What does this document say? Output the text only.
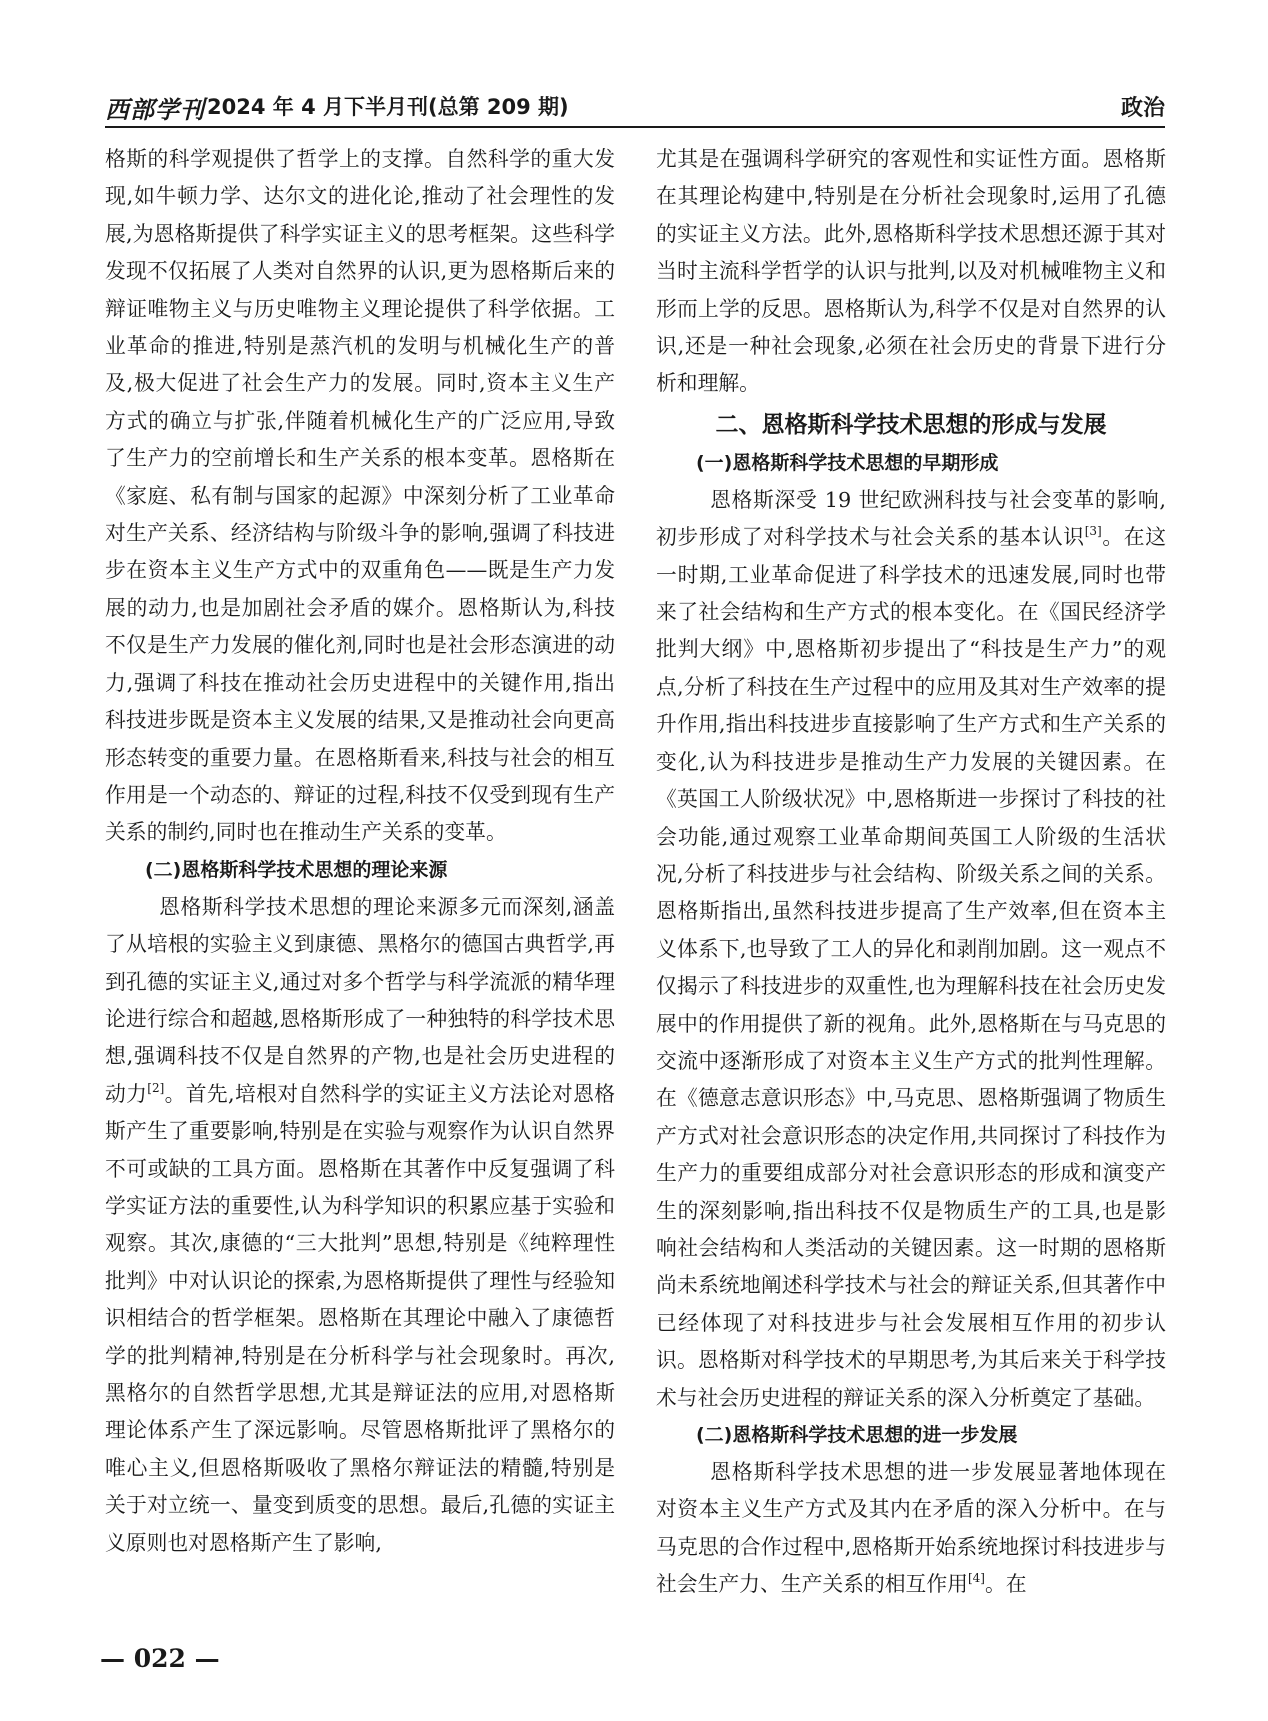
西部学刊 2024 年 4 月下半月刊(总第 209 期)	政治

格斯的科学观提供了哲学上的支撑。自然科学的重大发现,如牛顿力学、达尔文的进化论,推动了社会理性的发展,为恩格斯提供了科学实证主义的思考框架。这些科学发现不仅拓展了人类对自然界的认识,更为恩格斯后来的辩证唯物主义与历史唯物主义理论提供了科学依据。工业革命的推进,特别是蒸汽机的发明与机械化生产的普及,极大促进了社会生产力的发展。同时,资本主义生产方式的确立与扩张,伴随着机械化生产的广泛应用,导致了生产力的空前增长和生产关系的根本变革。恩格斯在《家庭、私有制与国家的起源》中深刻分析了工业革命对生产关系、经济结构与阶级斗争的影响,强调了科技进步在资本主义生产方式中的双重角色——既是生产力发展的动力,也是加剧社会矛盾的媒介。恩格斯认为,科技不仅是生产力发展的催化剂,同时也是社会形态演进的动力,强调了科技在推动社会历史进程中的关键作用,指出科技进步既是资本主义发展的结果,又是推动社会向更高形态转变的重要力量。在恩格斯看来,科技与社会的相互作用是一个动态的、辩证的过程,科技不仅受到现有生产关系的制约,同时也在推动生产关系的变革。

(二)恩格斯科学技术思想的理论来源

恩格斯科学技术思想的理论来源多元而深刻,涵盖了从培根的实验主义到康德、黑格尔的德国古典哲学,再到孔德的实证主义,通过对多个哲学与科学流派的精华理论进行综合和超越,恩格斯形成了一种独特的科学技术思想,强调科技不仅是自然界的产物,也是社会历史进程的动力[2]。首先,培根对自然科学的实证主义方法论对恩格斯产生了重要影响,特别是在实验与观察作为认识自然界不可或缺的工具方面。恩格斯在其著作中反复强调了科学实证方法的重要性,认为科学知识的积累应基于实验和观察。其次,康德的“三大批判”思想,特别是《纯粹理性批判》中对认识论的探索,为恩格斯提供了理性与经验知识相结合的哲学框架。恩格斯在其理论中融入了康德哲学的批判精神,特别是在分析科学与社会现象时。再次,黑格尔的自然哲学思想,尤其是辩证法的应用,对恩格斯理论体系产生了深远影响。尽管恩格斯批评了黑格尔的唯心主义,但恩格斯吸收了黑格尔辩证法的精髓,特别是关于对立统一、量变到质变的思想。最后,孔德的实证主义原则也对恩格斯产生了影响,

尤其是在强调科学研究的客观性和实证性方面。恩格斯在其理论构建中,特别是在分析社会现象时,运用了孔德的实证主义方法。此外,恩格斯科学技术思想还源于其对当时主流科学哲学的认识与批判,以及对机械唯物主义和形而上学的反思。恩格斯认为,科学不仅是对自然界的认识,还是一种社会现象,必须在社会历史的背景下进行分析和理解。

二、恩格斯科学技术思想的形成与发展
(一)恩格斯科学技术思想的早期形成

恩格斯深受 19 世纪欧洲科技与社会变革的影响,初步形成了对科学技术与社会关系的基本认识[3]。在这一时期,工业革命促进了科学技术的迅速发展,同时也带来了社会结构和生产方式的根本变化。在《国民经济学批判大纲》中,恩格斯初步提出了“科技是生产力”的观点,分析了科技在生产过程中的应用及其对生产效率的提升作用,指出科技进步直接影响了生产方式和生产关系的变化,认为科技进步是推动生产力发展的关键因素。在《英国工人阶级状况》中,恩格斯进一步探讨了科技的社会功能,通过观察工业革命期间英国工人阶级的生活状况,分析了科技进步与社会结构、阶级关系之间的关系。恩格斯指出,虽然科技进步提高了生产效率,但在资本主义体系下,也导致了工人的异化和剥削加剧。这一观点不仅揭示了科技进步的双重性,也为理解科技在社会历史发展中的作用提供了新的视角。此外,恩格斯在与马克思的交流中逐渐形成了对资本主义生产方式的批判性理解。在《德意志意识形态》中,马克思、恩格斯强调了物质生产方式对社会意识形态的决定作用,共同探讨了科技作为生产力的重要组成部分对社会意识形态的形成和演变产生的深刻影响,指出科技不仅是物质生产的工具,也是影响社会结构和人类活动的关键因素。这一时期的恩格斯尚未系统地阐述科学技术与社会的辩证关系,但其著作中已经体现了对科技进步与社会发展相互作用的初步认识。恩格斯对科学技术的早期思考,为其后来关于科学技术与社会历史进程的辩证关系的深入分析奠定了基础。

(二)恩格斯科学技术思想的进一步发展

恩格斯科学技术思想的进一步发展显著地体现在对资本主义生产方式及其内在矛盾的深入分析中。在与马克思的合作过程中,恩格斯开始系统地探讨科技进步与社会生产力、生产关系的相互作用[4]。在

— 022 —
